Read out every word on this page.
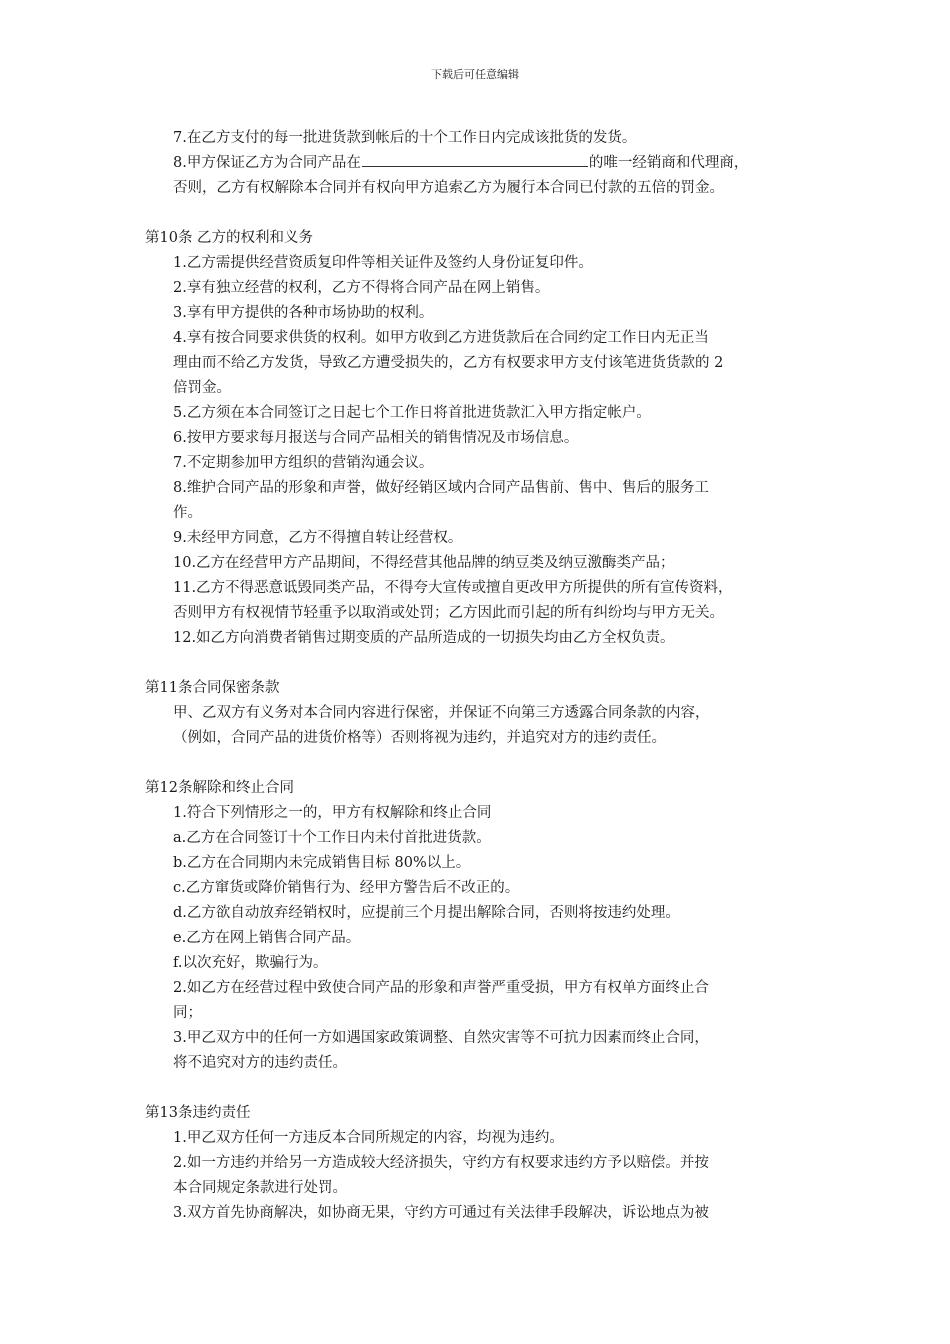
下载后可任意编辑
7.在乙方支付的每一批进货款到帐后的十个工作日内完成该批货的发货。
8.甲方保证乙方为合同产品在	的唯一经销商和代理商，
否则，乙方有权解除本合同并有权向甲方追索乙方为履行本合同已付款的五倍的罚金。
第10条 乙方的权利和义务
1.乙方需提供经营资质复印件等相关证件及签约人身份证复印件。
2.享有独立经营的权利，乙方不得将合同产品在网上销售。
3.享有甲方提供的各种市场协助的权利。
4.享有按合同要求供货的权利。如甲方收到乙方进货款后在合同约定工作日内无正当
理由而不给乙方发货，导致乙方遭受损失的，乙方有权要求甲方支付该笔进货货款的 2
倍罚金。
5.乙方须在本合同签订之日起七个工作日将首批进货款汇入甲方指定帐户。
6.按甲方要求每月报送与合同产品相关的销售情况及市场信息。
7.不定期参加甲方组织的营销沟通会议。
8.维护合同产品的形象和声誉，做好经销区域内合同产品售前、售中、售后的服务工
作。
9.未经甲方同意，乙方不得擅自转让经营权。
10.乙方在经营甲方产品期间，不得经营其他品牌的纳豆类及纳豆激酶类产品；
11.乙方不得恶意诋毁同类产品，不得夸大宣传或擅自更改甲方所提供的所有宣传资料，
否则甲方有权视情节轻重予以取消或处罚；乙方因此而引起的所有纠纷均与甲方无关。
12.如乙方向消费者销售过期变质的产品所造成的一切损失均由乙方全权负责。
第11条合同保密条款
甲、乙双方有义务对本合同内容进行保密，并保证不向第三方透露合同条款的内容，
（例如，合同产品的进货价格等）否则将视为违约，并追究对方的违约责任。
第12条解除和终止合同
1.符合下列情形之一的，甲方有权解除和终止合同
a.乙方在合同签订十个工作日内未付首批进货款。
b.乙方在合同期内未完成销售目标 80%以上。
c.乙方窜货或降价销售行为、经甲方警告后不改正的。
d.乙方欲自动放弃经销权时，应提前三个月提出解除合同，否则将按违约处理。
e.乙方在网上销售合同产品。
f.以次充好，欺骗行为。
2.如乙方在经营过程中致使合同产品的形象和声誉严重受损，甲方有权单方面终止合
同；
3.甲乙双方中的任何一方如遇国家政策调整、自然灾害等不可抗力因素而终止合同，
将不追究对方的违约责任。
第13条违约责任
1.甲乙双方任何一方违反本合同所规定的内容，均视为违约。
2.如一方违约并给另一方造成较大经济损失，守约方有权要求违约方予以赔偿。并按
本合同规定条款进行处罚。
3.双方首先协商解决，如协商无果，守约方可通过有关法律手段解决，诉讼地点为被
